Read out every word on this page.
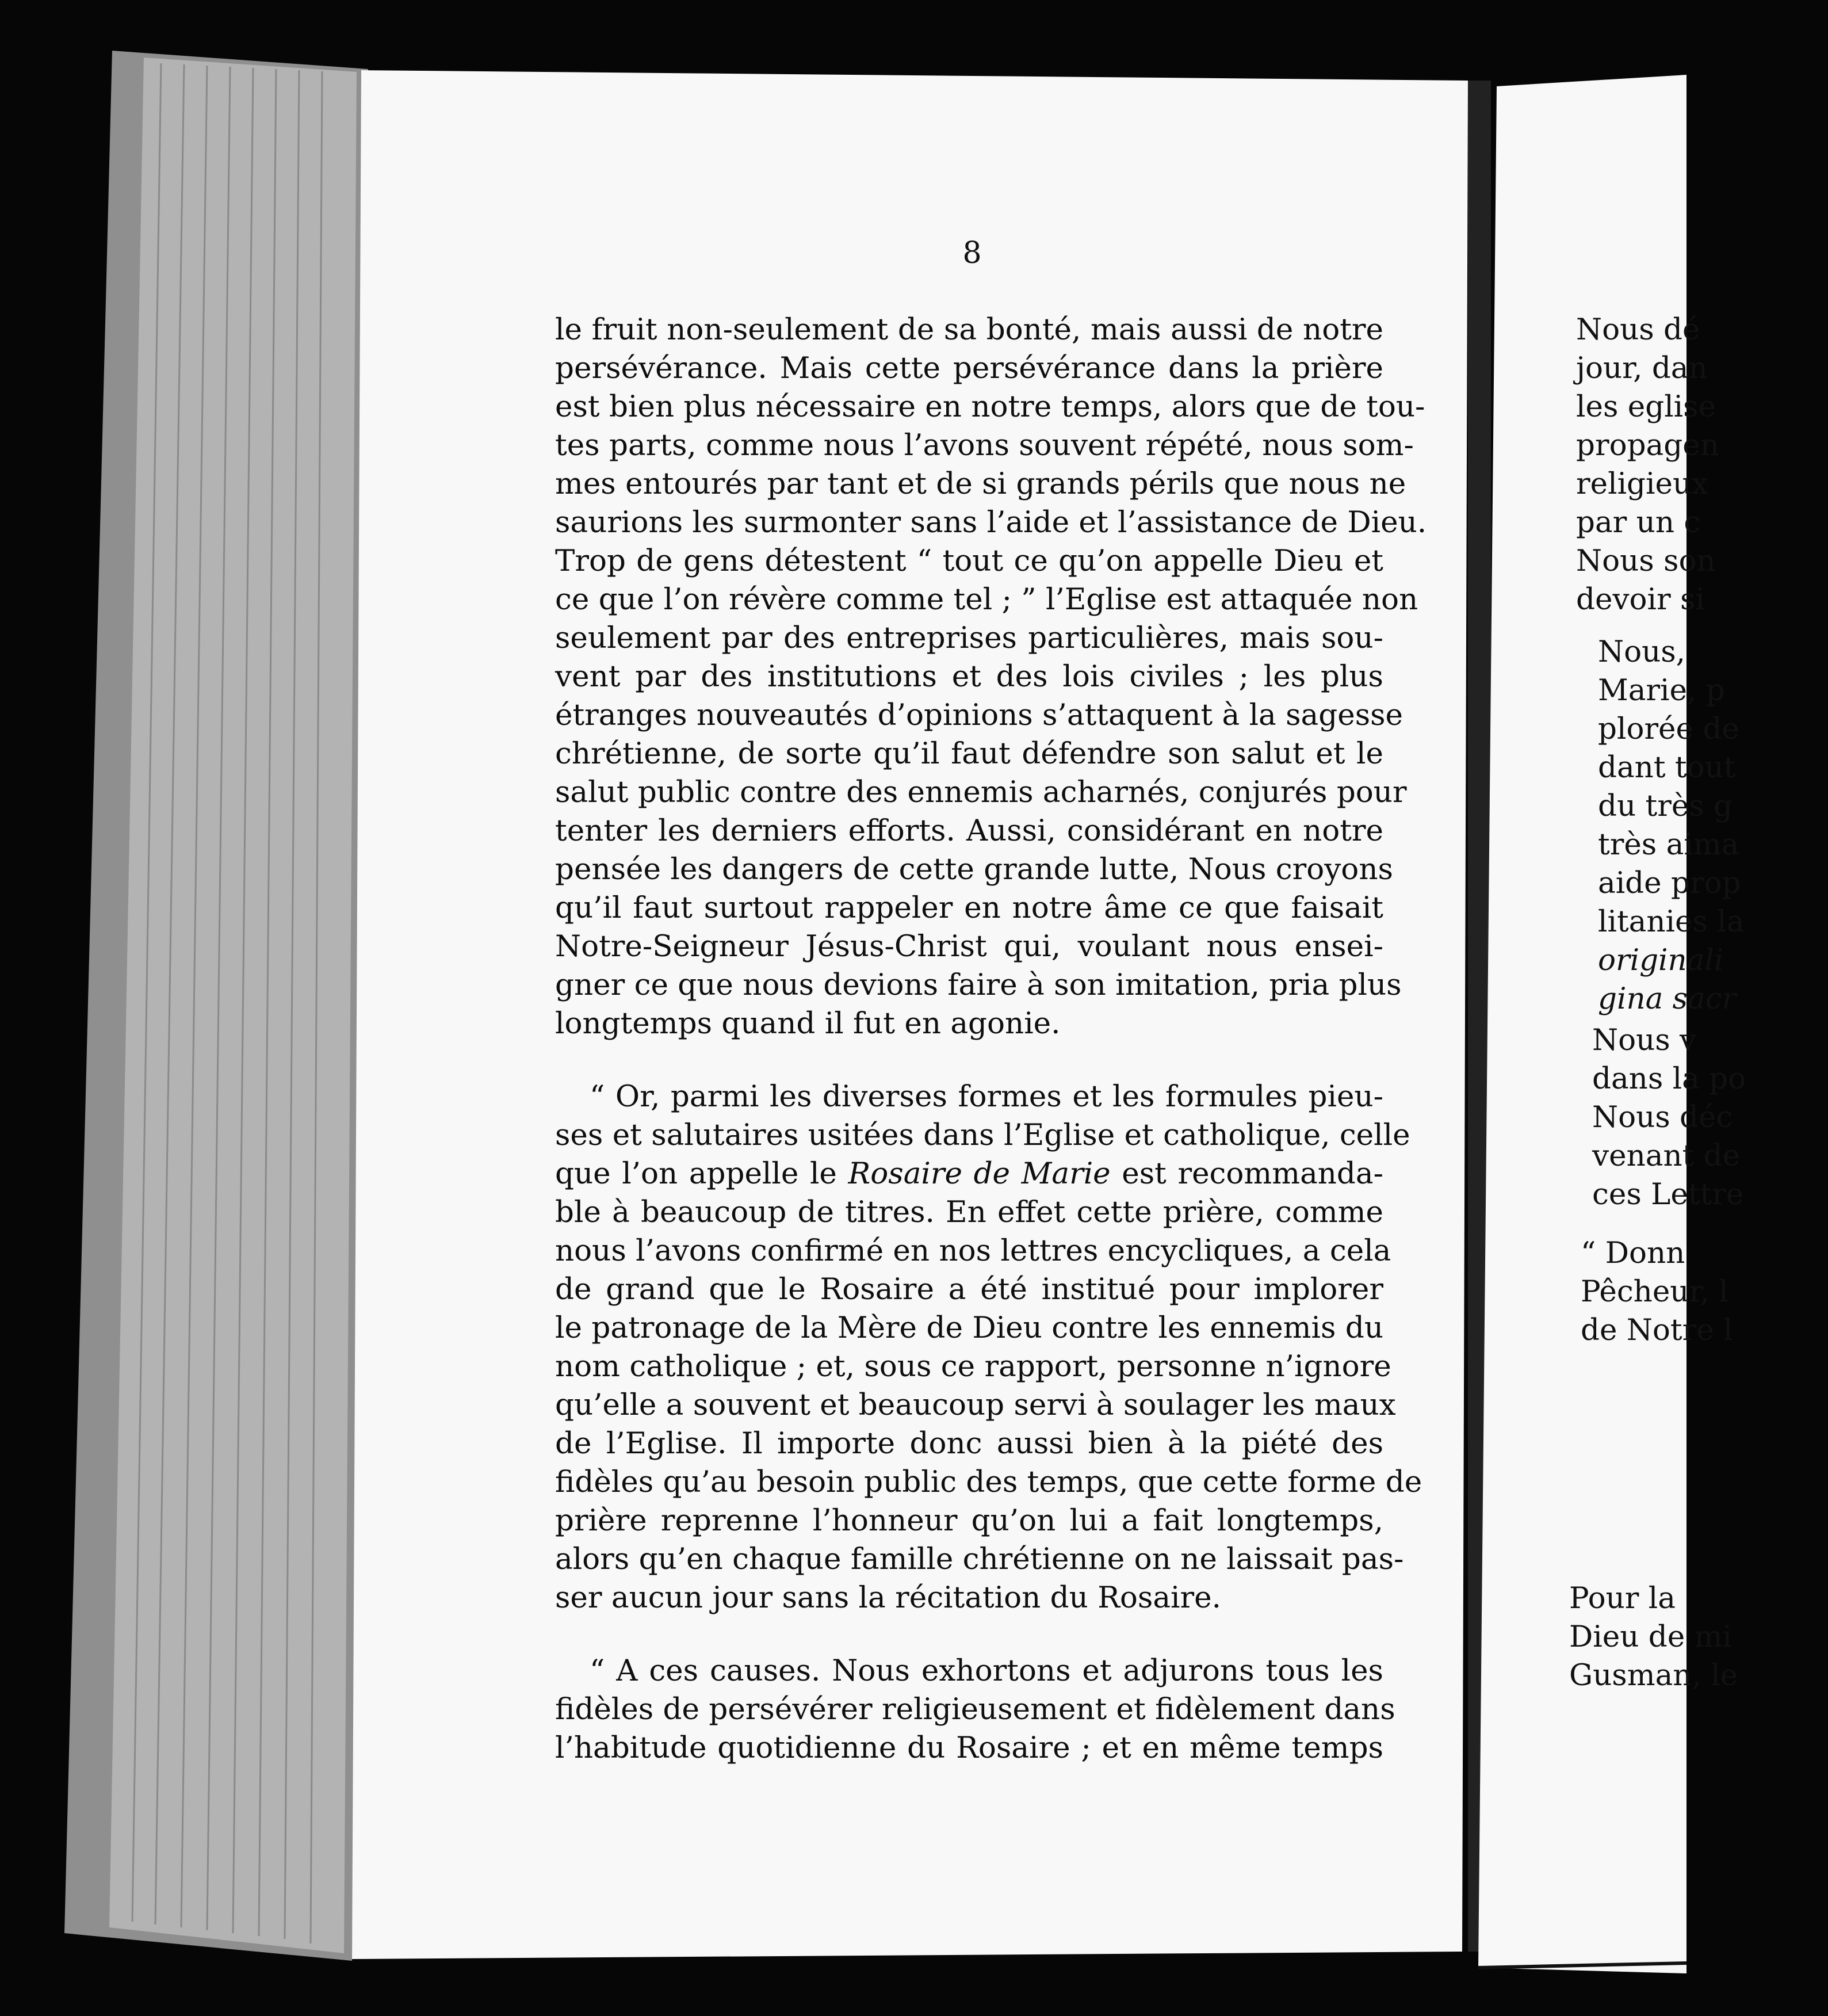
8
le fruit non-seulement de sa bonté, mais aussi de notre
persévérance. Mais cette persévérance dans la prière
est bien plus nécessaire en notre temps, alors que de tou-
tes parts, comme nous l’avons souvent répété, nous som-
mes entourés par tant et de si grands périls que nous ne
saurions les surmonter sans l’aide et l’assistance de Dieu.
Trop de gens détestent “ tout ce qu’on appelle Dieu et
ce que l’on révère comme tel ; ” l’Eglise est attaquée non
seulement par des entreprises particulières, mais sou-
vent par des institutions et des lois civiles ; les plus
étranges nouveautés d’opinions s’attaquent à la sagesse
chrétienne, de sorte qu’il faut défendre son salut et le
salut public contre des ennemis acharnés, conjurés pour
tenter les derniers efforts. Aussi, considérant en notre
pensée les dangers de cette grande lutte, Nous croyons
qu’il faut surtout rappeler en notre âme ce que faisait
Notre-Seigneur Jésus-Christ qui, voulant nous ensei-
gner ce que nous devions faire à son imitation, pria plus
longtemps quand il fut en agonie.
“ Or, parmi les diverses formes et les formules pieu-
ses et salutaires usitées dans l’Eglise et catholique, celle
que l’on appelle le Rosaire de Marie est recommanda-
ble à beaucoup de titres. En effet cette prière, comme
nous l’avons confirmé en nos lettres encycliques, a cela
de grand que le Rosaire a été institué pour implorer
le patronage de la Mère de Dieu contre les ennemis du
nom catholique ; et, sous ce rapport, personne n’ignore
qu’elle a souvent et beaucoup servi à soulager les maux
de l’Eglise. Il importe donc aussi bien à la piété des
fidèles qu’au besoin public des temps, que cette forme de
prière reprenne l’honneur qu’on lui a fait longtemps,
alors qu’en chaque famille chrétienne on ne laissait pas-
ser aucun jour sans la récitation du Rosaire.
“ A ces causes. Nous exhortons et adjurons tous les
fidèles de persévérer religieusement et fidèlement dans
l’habitude quotidienne du Rosaire ; et en même temps
Nous dé
jour, dan
les eglise
propagen
religieux
par un c
Nous son
devoir si
Nous,
Marie, p
plorée de
dant tout
du très g
très aima
aide prop
litanies la
originali
gina sacr
Nous v
dans la po
Nous déc
venant de
ces Lettre
“ Donn
Pêcheur, l
de Notre l
Pour la
Dieu de mi
Gusman, le
